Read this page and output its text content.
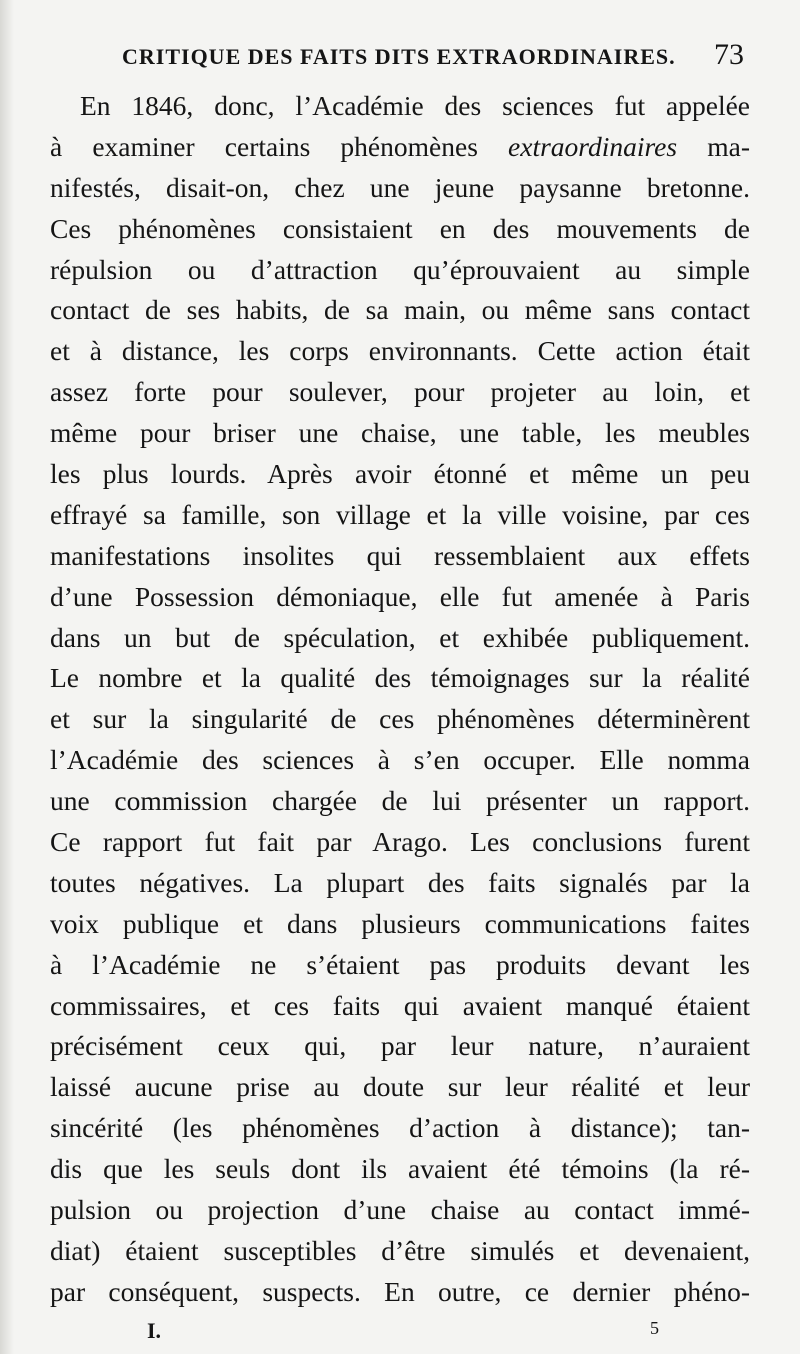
CRITIQUE DES FAITS DITS EXTRAORDINAIRES. 73
En 1846, donc, l’Académie des sciences fut appelée
à examiner certains phénomènes extraordinaires ma-
nifestés, disait-on, chez une jeune paysanne bretonne.
Ces phénomènes consistaient en des mouvements de
répulsion ou d’attraction qu’éprouvaient au simple
contact de ses habits, de sa main, ou même sans contact
et à distance, les corps environnants. Cette action était
assez forte pour soulever, pour projeter au loin, et
même pour briser une chaise, une table, les meubles
les plus lourds. Après avoir étonné et même un peu
effrayé sa famille, son village et la ville voisine, par ces
manifestations insolites qui ressemblaient aux effets
d’une Possession démoniaque, elle fut amenée à Paris
dans un but de spéculation, et exhibée publiquement.
Le nombre et la qualité des témoignages sur la réalité
et sur la singularité de ces phénomènes déterminèrent
l’Académie des sciences à s’en occuper. Elle nomma
une commission chargée de lui présenter un rapport.
Ce rapport fut fait par Arago. Les conclusions furent
toutes négatives. La plupart des faits signalés par la
voix publique et dans plusieurs communications faites
à l’Académie ne s’étaient pas produits devant les
commissaires, et ces faits qui avaient manqué étaient
précisément ceux qui, par leur nature, n’auraient
laissé aucune prise au doute sur leur réalité et leur
sincérité (les phénomènes d’action à distance); tan-
dis que les seuls dont ils avaient été témoins (la ré-
pulsion ou projection d’une chaise au contact immé-
diat) étaient susceptibles d’être simulés et devenaient,
par conséquent, suspects. En outre, ce dernier phéno-
I.	5
